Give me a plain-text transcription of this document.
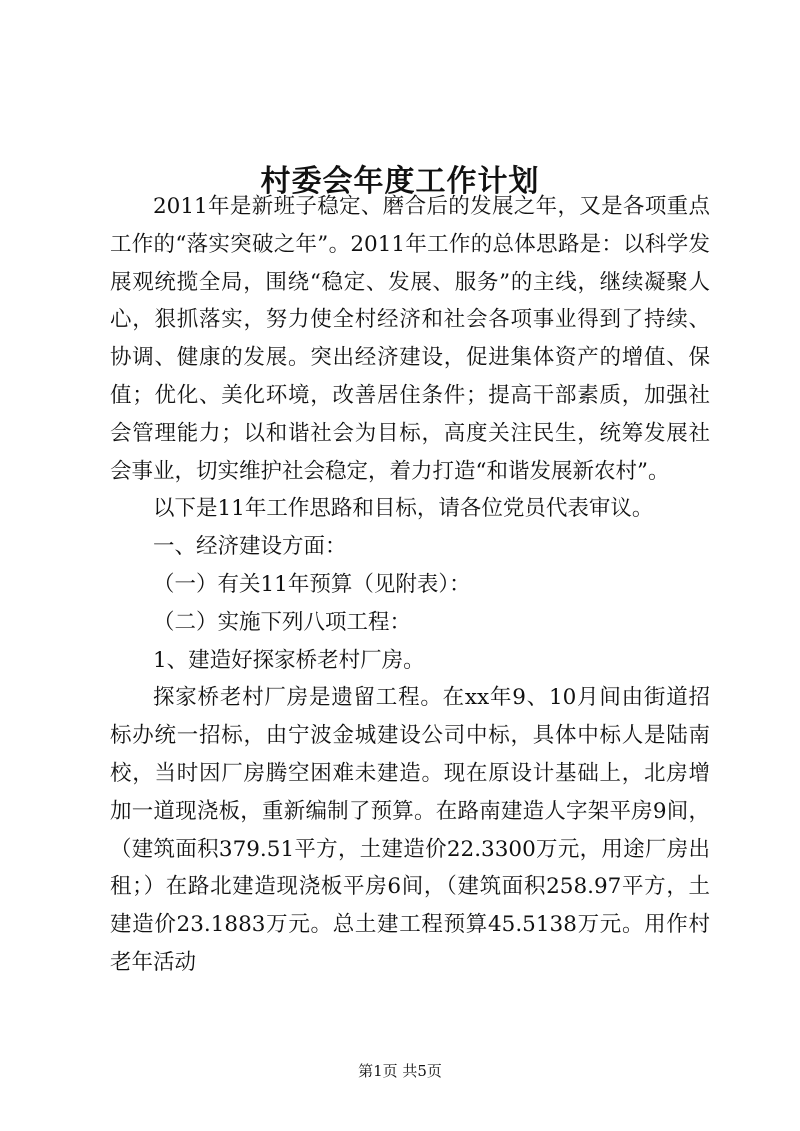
村委会年度工作计划

2011年是新班子稳定、磨合后的发展之年，又是各项重点工作的“落实突破之年”。2011年工作的总体思路是：以科学发展观统揽全局，围绕“稳定、发展、服务”的主线，继续凝聚人心，狠抓落实，努力使全村经济和社会各项事业得到了持续、协调、健康的发展。突出经济建设，促进集体资产的增值、保值；优化、美化环境，改善居住条件；提高干部素质，加强社会管理能力；以和谐社会为目标，高度关注民生，统筹发展社会事业，切实维护社会稳定，着力打造“和谐发展新农村”。

以下是11年工作思路和目标，请各位党员代表审议。

一、经济建设方面：

（一）有关11年预算（见附表）：

（二）实施下列八项工程：

1、建造好探家桥老村厂房。

探家桥老村厂房是遗留工程。在xx年9、10月间由街道招标办统一招标，由宁波金城建设公司中标，具体中标人是陆南校，当时因厂房腾空困难未建造。现在原设计基础上，北房增加一道现浇板，重新编制了预算。在路南建造人字架平房9间，（建筑面积379.51平方，土建造价22.3300万元，用途厂房出租；）在路北建造现浇板平房6间，（建筑面积258.97平方，土建造价23.1883万元。总土建工程预算45.5138万元。用作村老年活动

第1页 共5页
